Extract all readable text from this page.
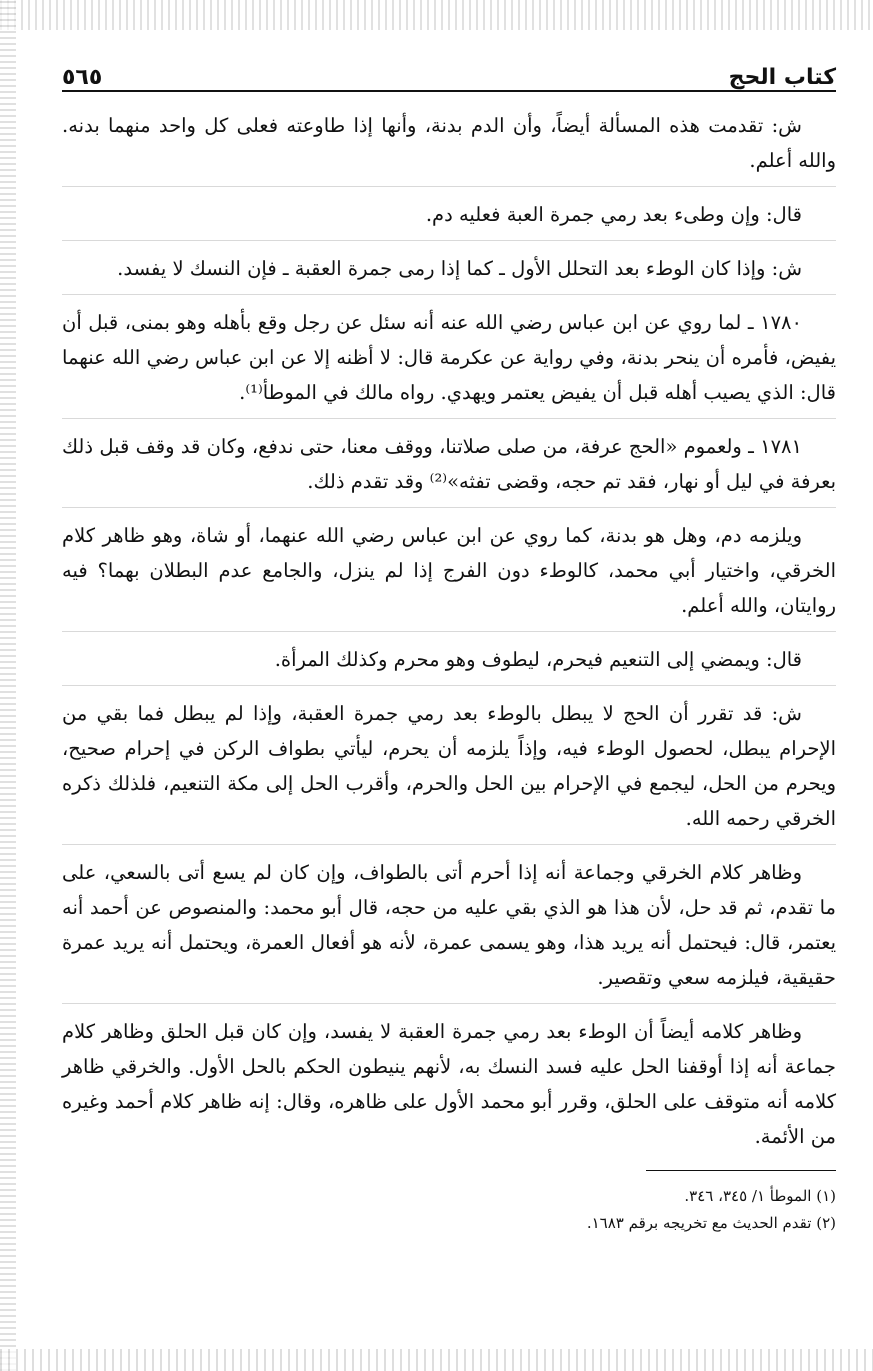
كتاب الحج
٥٦٥

ش: تقدمت هذه المسألة أيضاً، وأن الدم بدنة، وأنها إذا طاوعته فعلى كل واحد منهما بدنه. والله أعلم.

قال: وإن وطىء بعد رمي جمرة العبة فعليه دم.

ش: وإذا كان الوطء بعد التحلل الأول ـ كما إذا رمى جمرة العقبة ـ فإن النسك لا يفسد.

١٧٨٠ ـ لما روي عن ابن عباس رضي الله عنه أنه سئل عن رجل وقع بأهله وهو بمنى، قبل أن يفيض، فأمره أن ينحر بدنة، وفي رواية عن عكرمة قال: لا أظنه إلا عن ابن عباس رضي الله عنهما قال: الذي يصيب أهله قبل أن يفيض يعتمر ويهدي. رواه مالك في الموطأ⁽¹⁾.

١٧٨١ ـ ولعموم «الحج عرفة، من صلى صلاتنا، ووقف معنا، حتى ندفع، وكان قد وقف قبل ذلك بعرفة في ليل أو نهار، فقد تم حجه، وقضى تفثه»⁽²⁾ وقد تقدم ذلك.

ويلزمه دم، وهل هو بدنة، كما روي عن ابن عباس رضي الله عنهما، أو شاة، وهو ظاهر كلام الخرقي، واختيار أبي محمد، كالوطء دون الفرج إذا لم ينزل، والجامع عدم البطلان بهما؟ فيه روايتان، والله أعلم.

قال: ويمضي إلى التنعيم فيحرم، ليطوف وهو محرم وكذلك المرأة.

ش: قد تقرر أن الحج لا يبطل بالوطء بعد رمي جمرة العقبة، وإذا لم يبطل فما بقي من الإحرام يبطل، لحصول الوطء فيه، وإذاً يلزمه أن يحرم، ليأتي بطواف الركن في إحرام صحيح، ويحرم من الحل، ليجمع في الإحرام بين الحل والحرم، وأقرب الحل إلى مكة التنعيم، فلذلك ذكره الخرقي رحمه الله.

وظاهر كلام الخرقي وجماعة أنه إذا أحرم أتى بالطواف، وإن كان لم يسع أتى بالسعي، على ما تقدم، ثم قد حل، لأن هذا هو الذي بقي عليه من حجه، قال أبو محمد: والمنصوص عن أحمد أنه يعتمر، قال: فيحتمل أنه يريد هذا، وهو يسمى عمرة، لأنه هو أفعال العمرة، ويحتمل أنه يريد عمرة حقيقية، فيلزمه سعي وتقصير.

وظاهر كلامه أيضاً أن الوطء بعد رمي جمرة العقبة لا يفسد، وإن كان قبل الحلق وظاهر كلام جماعة أنه إذا أوقفنا الحل عليه فسد النسك به، لأنهم ينيطون الحكم بالحل الأول. والخرقي ظاهر كلامه أنه متوقف على الحلق، وقرر أبو محمد الأول على ظاهره، وقال: إنه ظاهر كلام أحمد وغيره من الأئمة.

(١) الموطأ ١/ ٣٤٥، ٣٤٦.

(٢) تقدم الحديث مع تخريجه برقم ١٦٨٣.
